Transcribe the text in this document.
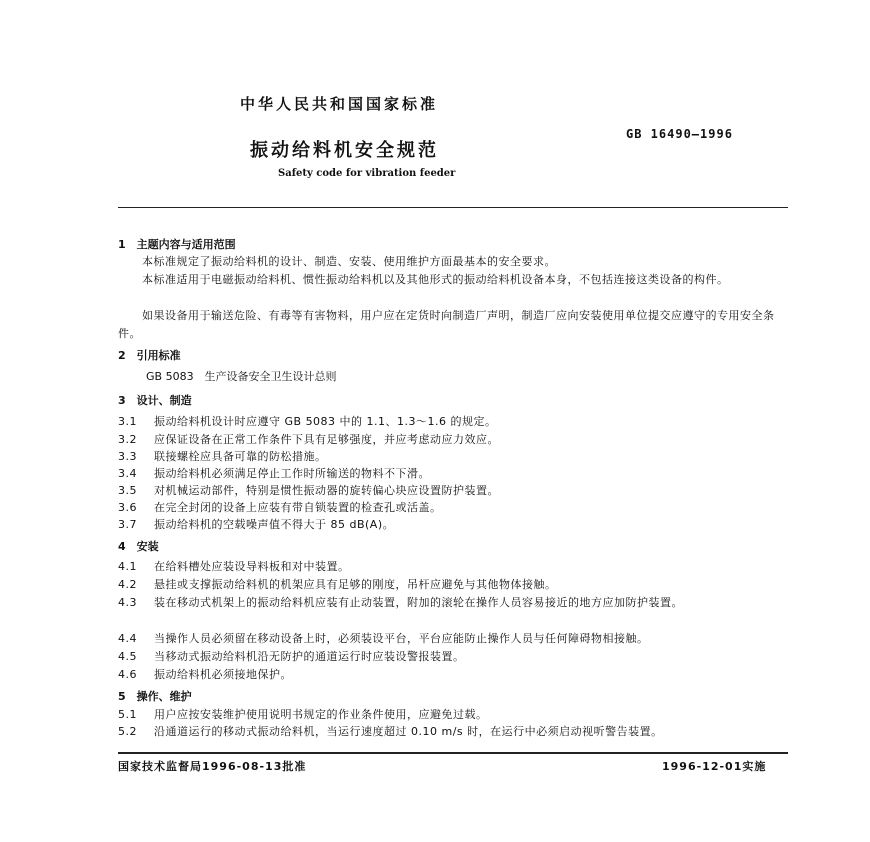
中华人民共和国国家标准
GB 16490—1996
振动给料机安全规范
Safety code for vibration feeder
1　主题内容与适用范围
本标准规定了振动给料机的设计、制造、安装、使用维护方面最基本的安全要求。
本标准适用于电磁振动给料机、惯性振动给料机以及其他形式的振动给料机设备本身，不包括连接这类设备的构件。
如果设备用于输送危险、有毒等有害物料，用户应在定货时向制造厂声明，制造厂应向安装使用单位提交应遵守的专用安全条件。
2　引用标准
GB 5083　生产设备安全卫生设计总则
3　设计、制造
3.1 振动给料机设计时应遵守 GB 5083 中的 1.1、1.3～1.6 的规定。
3.2 应保证设备在正常工作条件下具有足够强度，并应考虑动应力效应。
3.3 联接螺栓应具备可靠的防松措施。
3.4 振动给料机必须满足停止工作时所输送的物料不下滑。
3.5 对机械运动部件，特别是惯性振动器的旋转偏心块应设置防护装置。
3.6 在完全封闭的设备上应装有带自锁装置的检查孔或活盖。
3.7 振动给料机的空载噪声值不得大于 85 dB(A)。
4　安装
4.1 在给料槽处应装设导料板和对中装置。
4.2 悬挂或支撑振动给料机的机架应具有足够的刚度，吊杆应避免与其他物体接触。
4.3 装在移动式机架上的振动给料机应装有止动装置，附加的滚轮在操作人员容易接近的地方应加防护装置。
4.4 当操作人员必须留在移动设备上时，必须装设平台，平台应能防止操作人员与任何障碍物相接触。
4.5 当移动式振动给料机沿无防护的通道运行时应装设警报装置。
4.6 振动给料机必须接地保护。
5　操作、维护
5.1 用户应按安装维护使用说明书规定的作业条件使用，应避免过载。
5.2 沿通道运行的移动式振动给料机，当运行速度超过 0.10 m/s 时，在运行中必须启动视听警告装置。
国家技术监督局1996-08-13批准	1996-12-01实施
